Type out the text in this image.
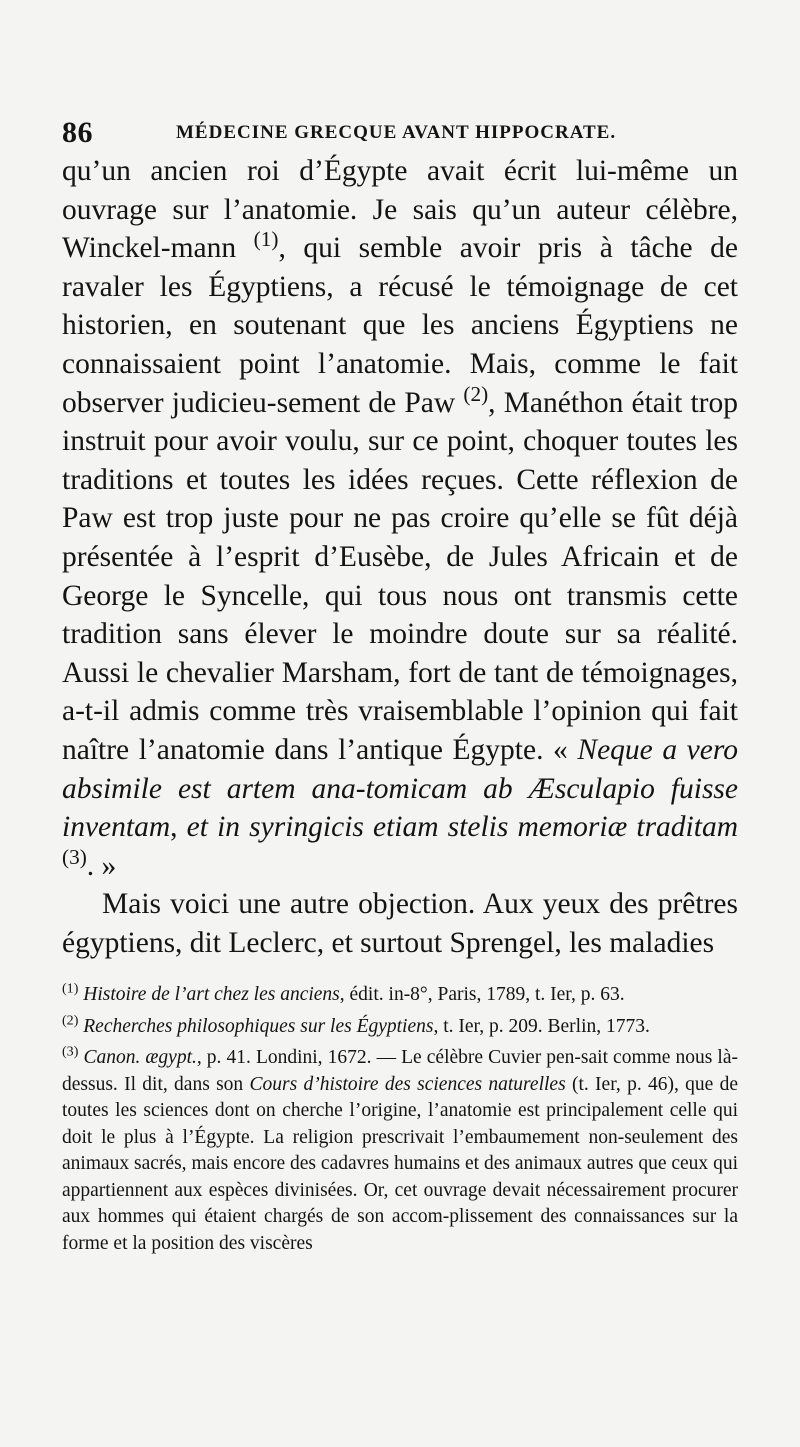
86	MÉDECINE GRECQUE AVANT HIPPOCRATE.

qu’un ancien roi d’Égypte avait écrit lui-même un ouvrage sur l’anatomie. Je sais qu’un auteur célèbre, Winckel-mann $^{(1)}$, qui semble avoir pris à tâche de ravaler les Égyptiens, a récusé le témoignage de cet historien, en soutenant que les anciens Égyptiens ne connaissaient point l’anatomie. Mais, comme le fait observer judicieu-sement de Paw $^{(2)}$, Manéthon était trop instruit pour avoir voulu, sur ce point, choquer toutes les traditions et toutes les idées reçues. Cette réflexion de Paw est trop juste pour ne pas croire qu’elle se fût déjà présentée à l’esprit d’Eusèbe, de Jules Africain et de George le Syncelle, qui tous nous ont transmis cette tradition sans élever le moindre doute sur sa réalité. Aussi le chevalier Marsham, fort de tant de témoignages, a-t-il admis comme très vraisemblable l’opinion qui fait naître l’anatomie dans l’antique Égypte. « Neque a vero absimile est artem ana-tomicam ab Æsculapio fuisse inventam, et in syringicis etiam stelis memoriæ traditam $^{(3)}$. »

Mais voici une autre objection. Aux yeux des prêtres égyptiens, dit Leclerc, et surtout Sprengel, les maladies

$^{(1)}$ Histoire de l’art chez les anciens, édit. in-8°, Paris, 1789, t. Ier, p. 63.

$^{(2)}$ Recherches philosophiques sur les Égyptiens, t. Ier, p. 209. Berlin, 1773.

$^{(3)}$ Canon. ægypt., p. 41. Londini, 1672. — Le célèbre Cuvier pen-sait comme nous là-dessus. Il dit, dans son Cours d’histoire des sciences naturelles (t. Ier, p. 46), que de toutes les sciences dont on cherche l’origine, l’anatomie est principalement celle qui doit le plus à l’Égypte. La religion prescrivait l’embaumement non-seulement des animaux sacrés, mais encore des cadavres humains et des animaux autres que ceux qui appartiennent aux espèces divinisées. Or, cet ouvrage devait nécessairement procurer aux hommes qui étaient chargés de son accom-plissement des connaissances sur la forme et la position des viscères
